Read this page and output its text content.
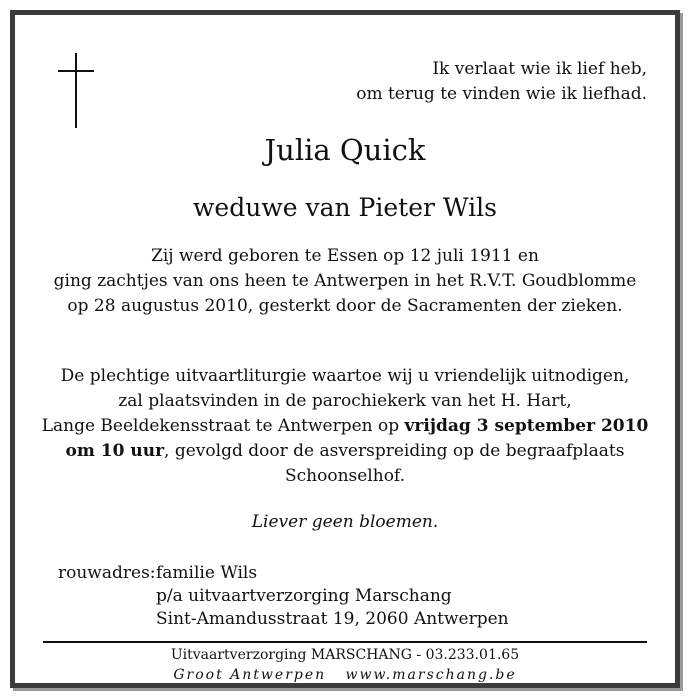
Ik verlaat wie ik lief heb,
om terug te vinden wie ik liefhad.
Julia Quick
weduwe van Pieter Wils
Zij werd geboren te Essen op 12 juli 1911 en
ging zachtjes van ons heen te Antwerpen in het R.V.T. Goudblomme
op 28 augustus 2010, gesterkt door de Sacramenten der zieken.
De plechtige uitvaartliturgie waartoe wij u vriendelijk uitnodigen,
zal plaatsvinden in de parochiekerk van het H. Hart,
Lange Beeldekensstraat te Antwerpen op vrijdag 3 september 2010
om 10 uur, gevolgd door de asverspreiding op de begraafplaats
Schoonselhof.
Liever geen bloemen.
rouwadres: familie Wils
p/a uitvaartverzorging Marschang
Sint-Amandusstraat 19, 2060 Antwerpen
Uitvaartverzorging MARSCHANG - 03.233.01.65
Groot Antwerpen www.marschang.be
